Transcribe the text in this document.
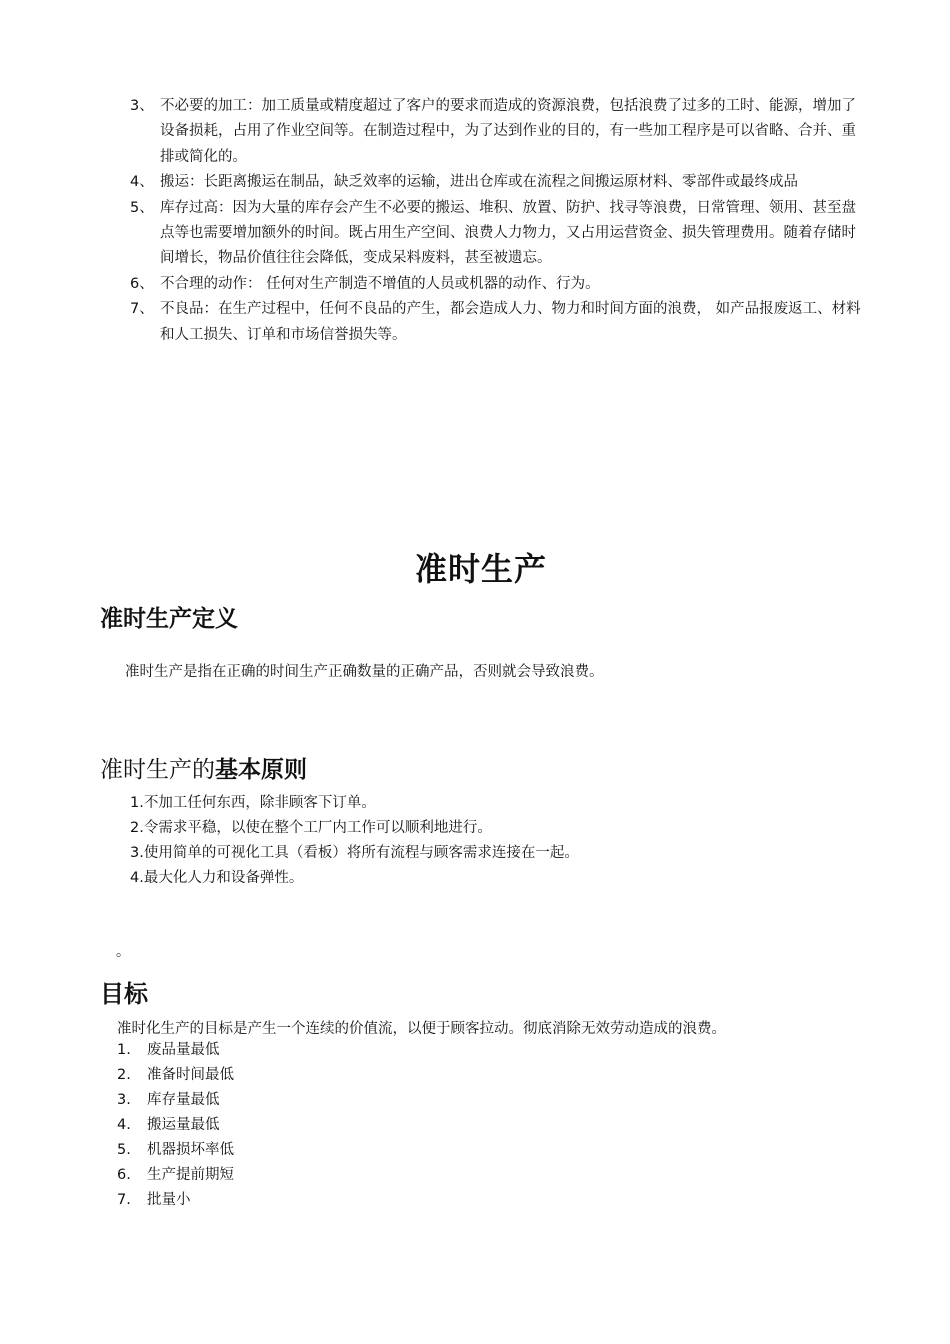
3、 不必要的加工：加工质量或精度超过了客户的要求而造成的资源浪费，包括浪费了过多的工时、能源，增加了设备损耗，占用了作业空间等。在制造过程中，为了达到作业的目的，有一些加工程序是可以省略、合并、重排或简化的。
4、 搬运：长距离搬运在制品，缺乏效率的运输，进出仓库或在流程之间搬运原材料、零部件或最终成品
5、 库存过高：因为大量的库存会产生不必要的搬运、堆积、放置、防护、找寻等浪费，日常管理、领用、甚至盘点等也需要增加额外的时间。既占用生产空间、浪费人力物力，又占用运营资金、损失管理费用。随着存储时间增长，物品价值往往会降低，变成呆料废料，甚至被遗忘。
6、 不合理的动作： 任何对生产制造不增值的人员或机器的动作、行为。
7、 不良品：在生产过程中，任何不良品的产生，都会造成人力、物力和时间方面的浪费， 如产品报废返工、材料和人工损失、订单和市场信誉损失等。
准时生产
准时生产定义

准时生产是指在正确的时间生产正确数量的正确产品，否则就会导致浪费。

准时生产的基本原则
1.不加工任何东西，除非顾客下订单。
2.令需求平稳，以使在整个工厂内工作可以顺利地进行。
3.使用简单的可视化工具（看板）将所有流程与顾客需求连接在一起。
4.最大化人力和设备弹性。

。

目标

准时化生产的目标是产生一个连续的价值流，以便于顾客拉动。彻底消除无效劳动造成的浪费。

1. 废品量最低
2. 准备时间最低
3. 库存量最低
4. 搬运量最低
5. 机器损坏率低
6. 生产提前期短
7. 批量小
